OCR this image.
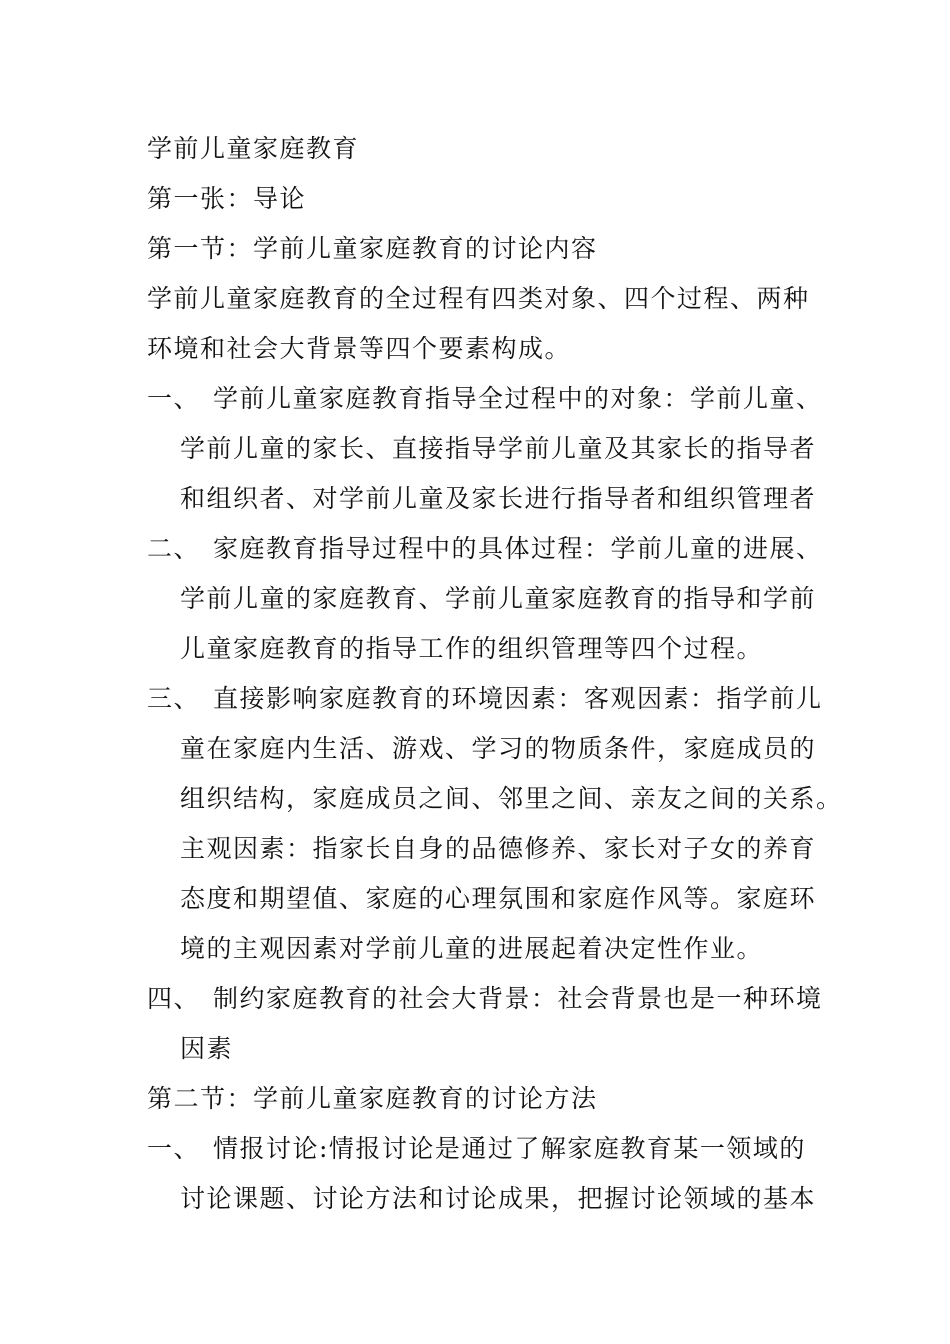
学前儿童家庭教育
第一张：导论
第一节：学前儿童家庭教育的讨论内容
学前儿童家庭教育的全过程有四类对象、四个过程、两种
环境和社会大背景等四个要素构成。
一、 学前儿童家庭教育指导全过程中的对象：学前儿童、
学前儿童的家长、直接指导学前儿童及其家长的指导者
和组织者、对学前儿童及家长进行指导者和组织管理者
二、 家庭教育指导过程中的具体过程：学前儿童的进展、
学前儿童的家庭教育、学前儿童家庭教育的指导和学前
儿童家庭教育的指导工作的组织管理等四个过程。
三、 直接影响家庭教育的环境因素：客观因素：指学前儿
童在家庭内生活、游戏、学习的物质条件，家庭成员的
组织结构，家庭成员之间、邻里之间、亲友之间的关系。
主观因素：指家长自身的品德修养、家长对子女的养育
态度和期望值、家庭的心理氛围和家庭作风等。家庭环
境的主观因素对学前儿童的进展起着决定性作业。
四、 制约家庭教育的社会大背景：社会背景也是一种环境
因素
第二节：学前儿童家庭教育的讨论方法
一、 情报讨论:情报讨论是通过了解家庭教育某一领域的
讨论课题、讨论方法和讨论成果，把握讨论领域的基本
